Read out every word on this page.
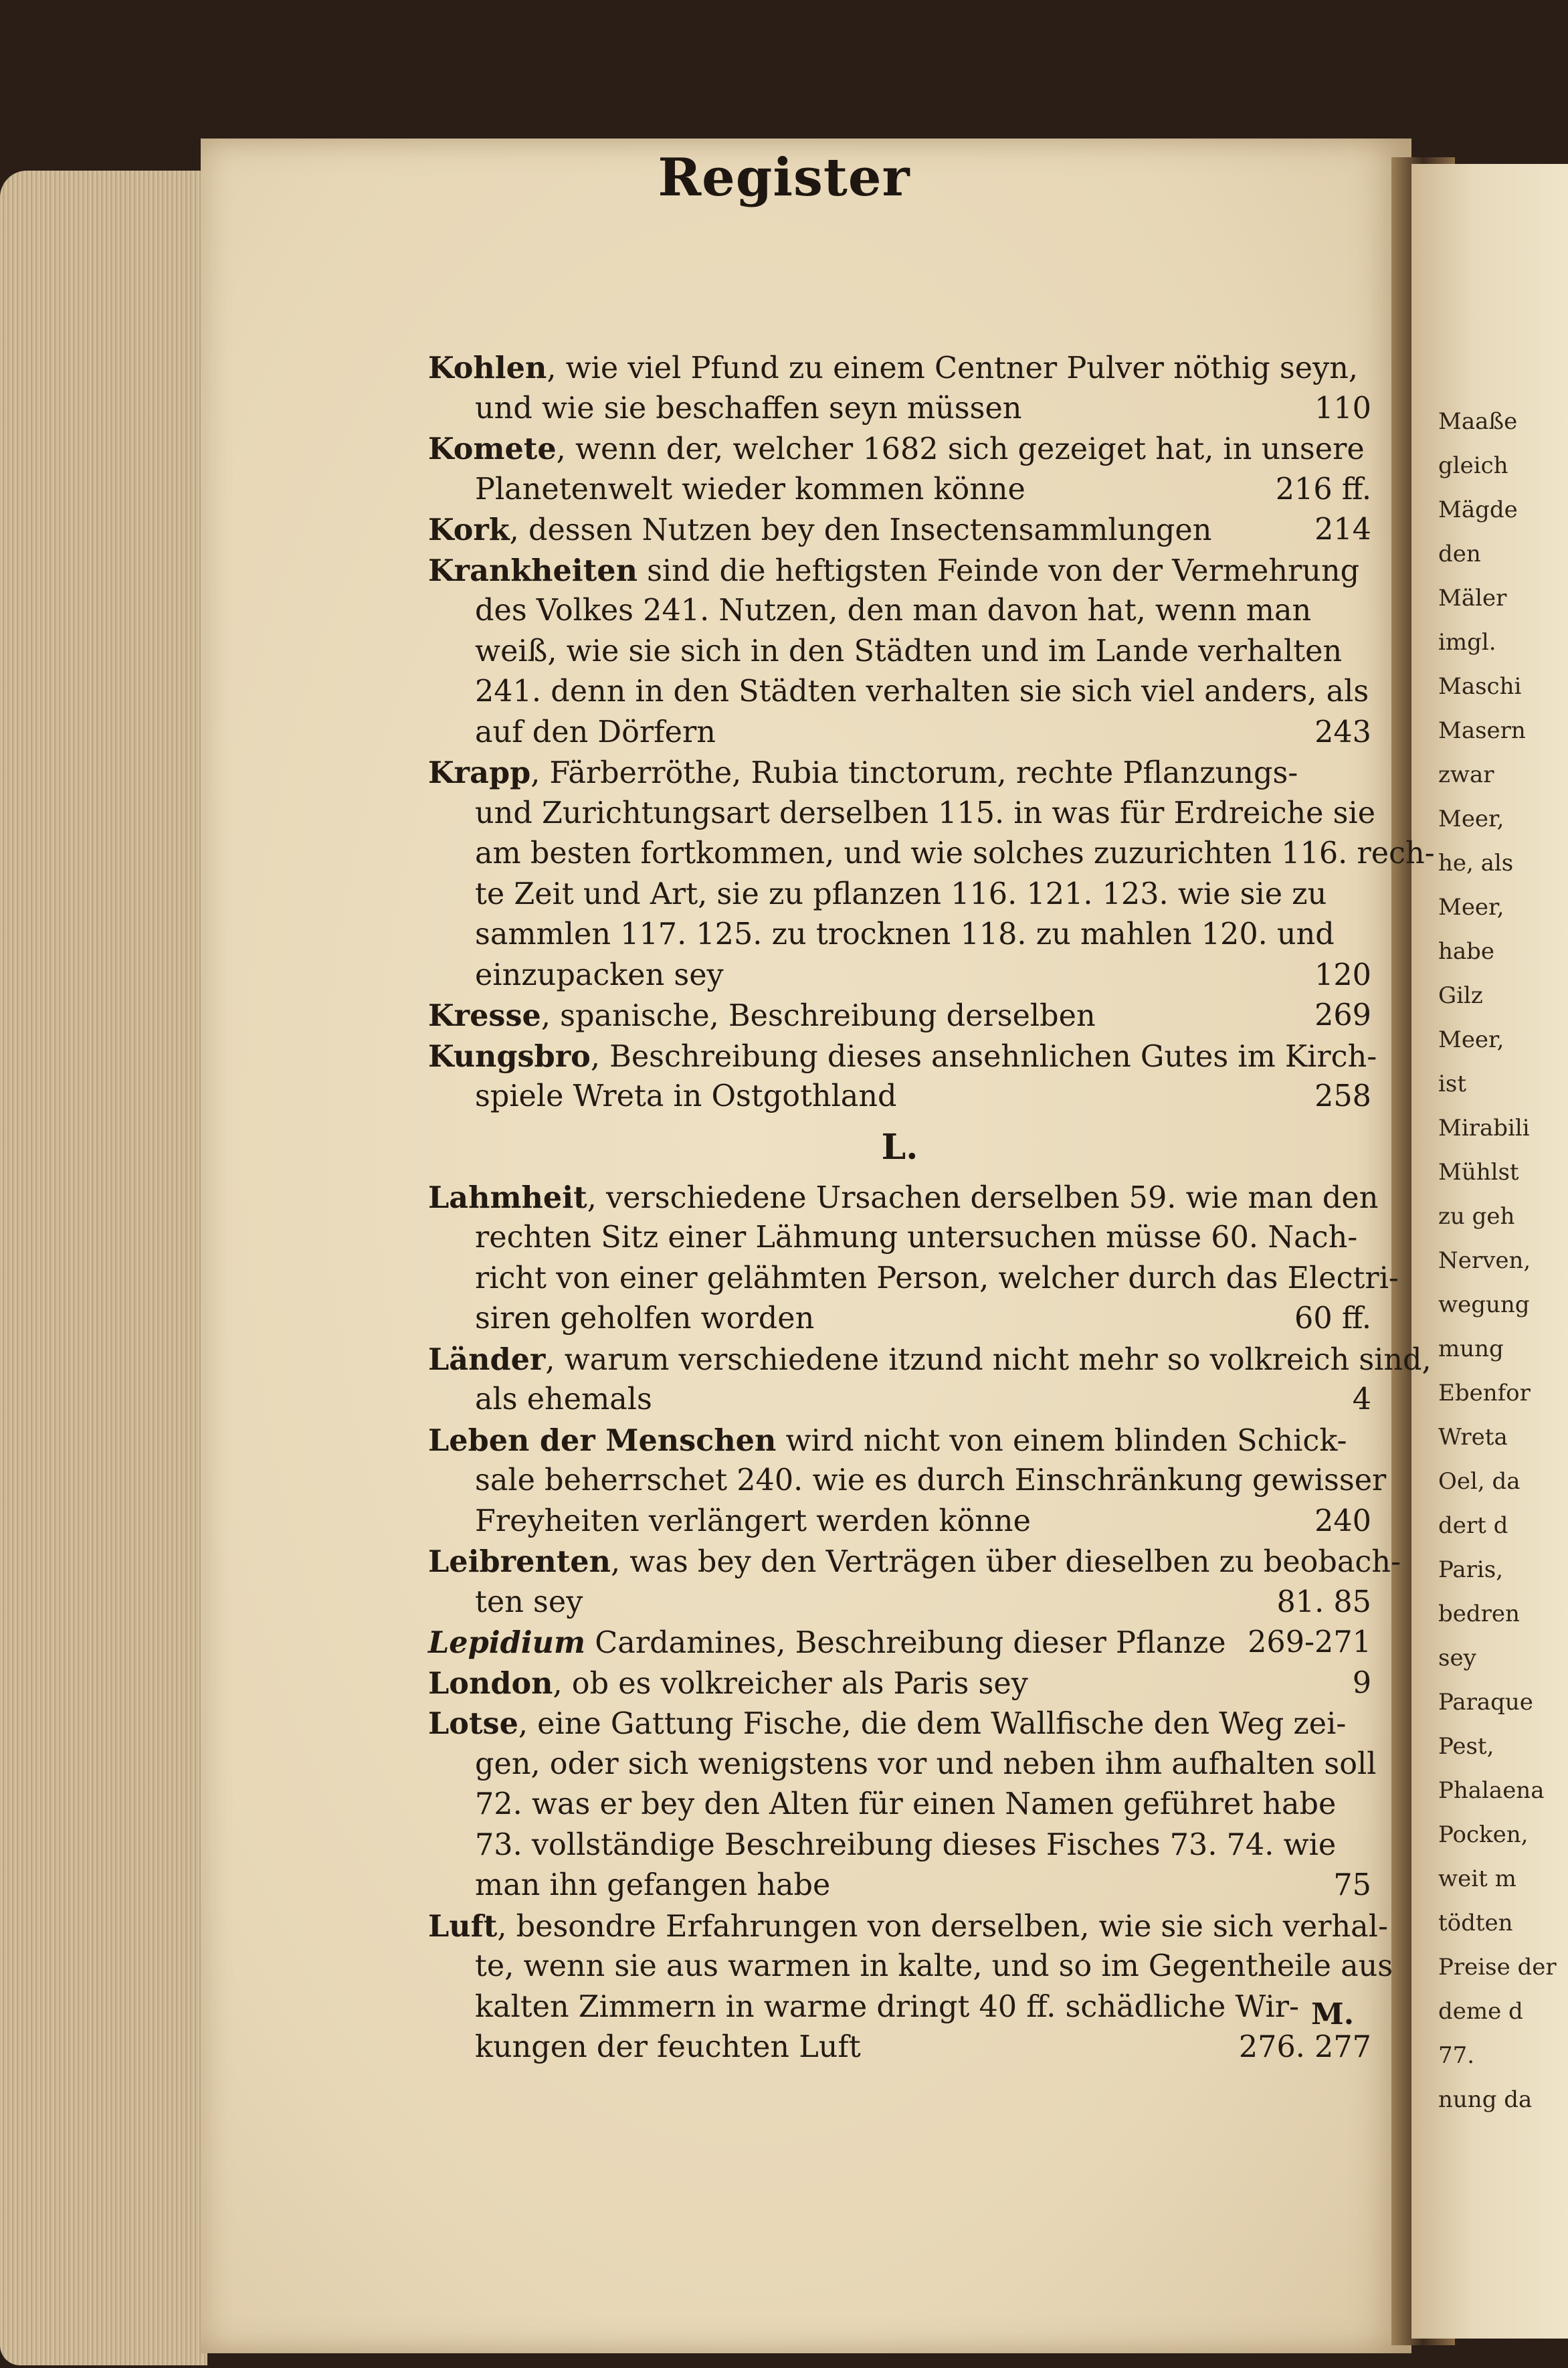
Maaße
gleich
Mägde
den
Mäler
imgl.
Maschi
Masern
zwar
Meer,
he, als
Meer,
habe
Gilz
Meer,
ist
Mirabili
Mühlst
zu geh
Nerven,
wegung
mung
Ebenfor
Wreta
Oel, da
dert d
Paris,
bedren
sey
Paraque
Pest,
Phalaena
Pocken,
weit m
tödten
Preise der
deme d
77.
nung da
Register
Kohlen, wie viel Pfund zu einem Centner Pulver nöthig seyn,
und wie sie beschaffen seyn müssen	110
Komete, wenn der, welcher 1682 sich gezeiget hat, in unsere
Planetenwelt wieder kommen könne	216 ff.
Kork, dessen Nutzen bey den Insectensammlungen	214
Krankheiten sind die heftigsten Feinde von der Vermehrung
des Volkes 241. Nutzen, den man davon hat, wenn man
weiß, wie sie sich in den Städten und im Lande verhalten
241. denn in den Städten verhalten sie sich viel anders, als
auf den Dörfern	243
Krapp, Färberröthe, Rubia tinctorum, rechte Pflanzungs-
und Zurichtungsart derselben 115. in was für Erdreiche sie
am besten fortkommen, und wie solches zuzurichten 116. rech-
te Zeit und Art, sie zu pflanzen 116. 121. 123. wie sie zu
sammlen 117. 125. zu trocknen 118. zu mahlen 120. und
einzupacken sey	120
Kresse, spanische, Beschreibung derselben	269
Kungsbro, Beschreibung dieses ansehnlichen Gutes im Kirch-
spiele Wreta in Ostgothland	258
L.
Lahmheit, verschiedene Ursachen derselben 59. wie man den
rechten Sitz einer Lähmung untersuchen müsse 60. Nach-
richt von einer gelähmten Person, welcher durch das Electri-
siren geholfen worden	60 ff.
Länder, warum verschiedene itzund nicht mehr so volkreich sind,
als ehemals	4
Leben der Menschen wird nicht von einem blinden Schick-
sale beherrschet 240. wie es durch Einschränkung gewisser
Freyheiten verlängert werden könne	240
Leibrenten, was bey den Verträgen über dieselben zu beobach-
ten sey	81. 85
Lepidium Cardamines, Beschreibung dieser Pflanze 269-271
London, ob es volkreicher als Paris sey	9
Lotse, eine Gattung Fische, die dem Wallfische den Weg zei-
gen, oder sich wenigstens vor und neben ihm aufhalten soll
72. was er bey den Alten für einen Namen geführet habe
73. vollständige Beschreibung dieses Fisches 73. 74. wie
man ihn gefangen habe	75
Luft, besondre Erfahrungen von derselben, wie sie sich verhal-
te, wenn sie aus warmen in kalte, und so im Gegentheile aus
kalten Zimmern in warme dringt 40 ff. schädliche Wir-
kungen der feuchten Luft	276. 277
M.
